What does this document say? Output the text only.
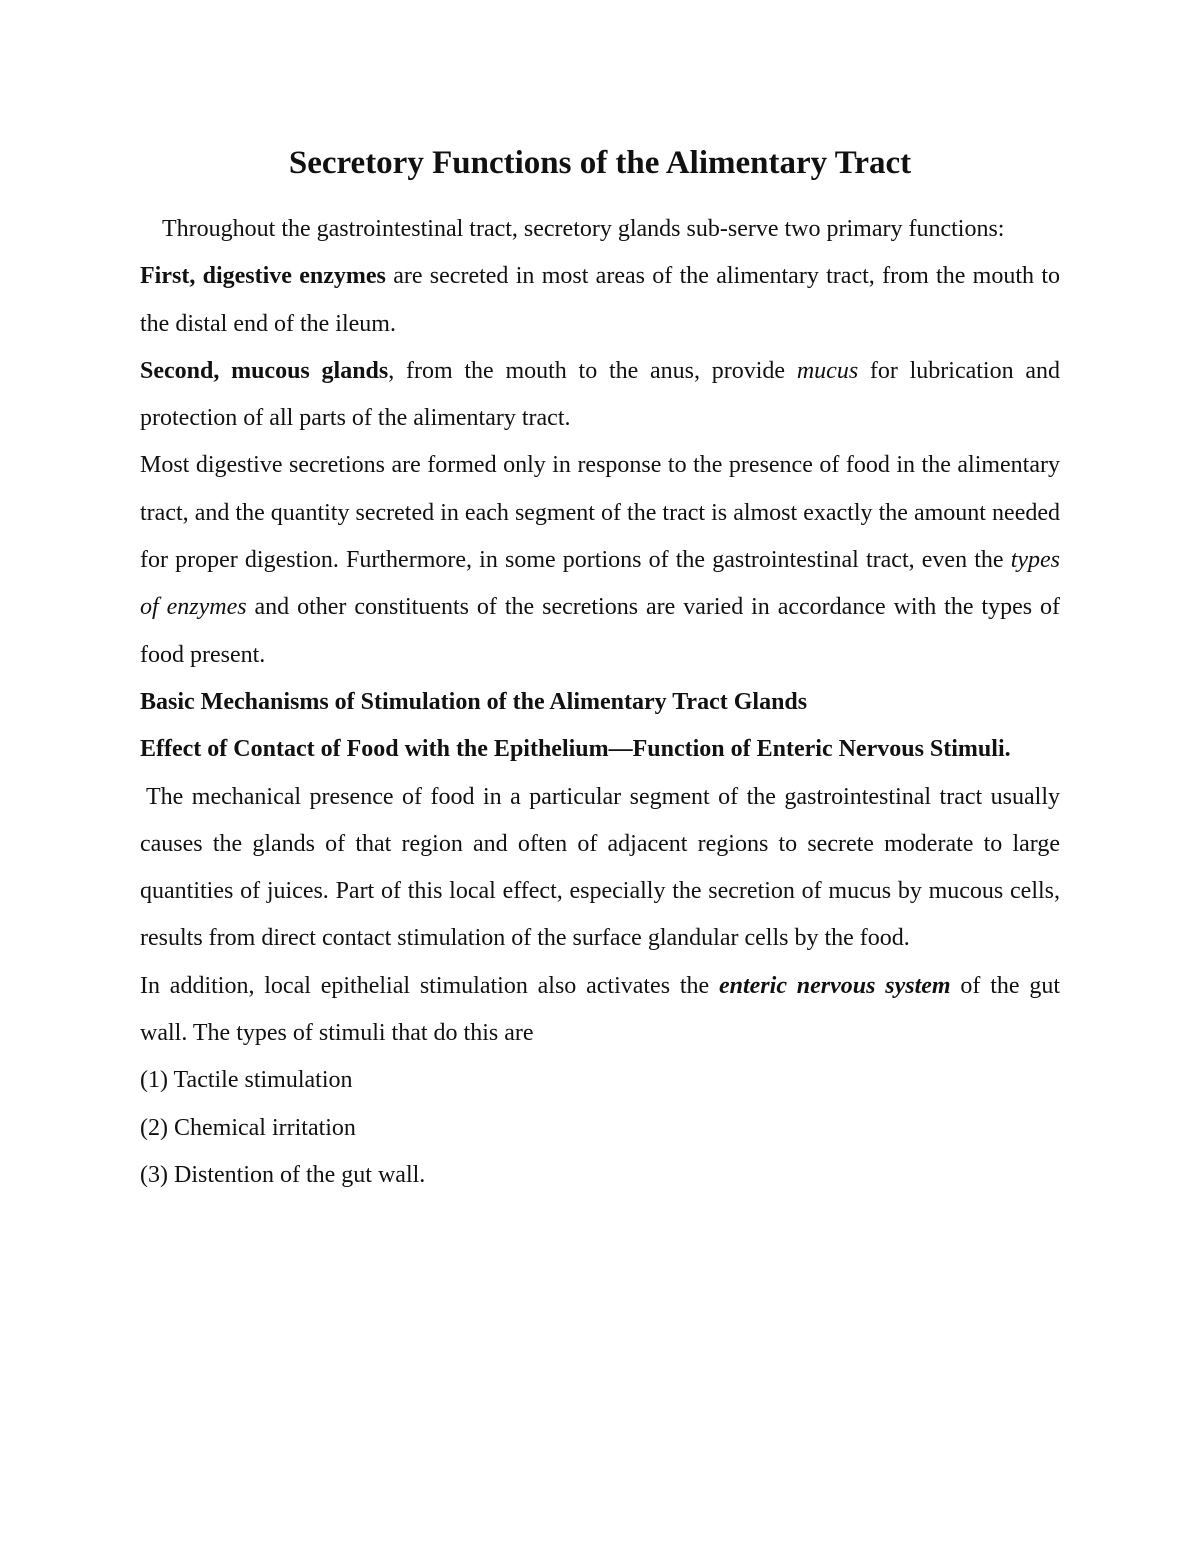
Secretory Functions of the Alimentary Tract

Throughout the gastrointestinal tract, secretory glands sub-serve two primary functions:

First, digestive enzymes are secreted in most areas of the alimentary tract, from the mouth to the distal end of the ileum.

Second, mucous glands, from the mouth to the anus, provide mucus for lubrication and protection of all parts of the alimentary tract.

Most digestive secretions are formed only in response to the presence of food in the alimentary tract, and the quantity secreted in each segment of the tract is almost exactly the amount needed for proper digestion. Furthermore, in some portions of the gastrointestinal tract, even the types of enzymes and other constituents of the secretions are varied in accordance with the types of food present.

Basic Mechanisms of Stimulation of the Alimentary Tract Glands

Effect of Contact of Food with the Epithelium—Function of Enteric Nervous Stimuli.

The mechanical presence of food in a particular segment of the gastrointestinal tract usually causes the glands of that region and often of adjacent regions to secrete moderate to large quantities of juices. Part of this local effect, especially the secretion of mucus by mucous cells, results from direct contact stimulation of the surface glandular cells by the food.

In addition, local epithelial stimulation also activates the enteric nervous system of the gut wall. The types of stimuli that do this are

(1) Tactile stimulation

(2) Chemical irritation

(3) Distention of the gut wall.
